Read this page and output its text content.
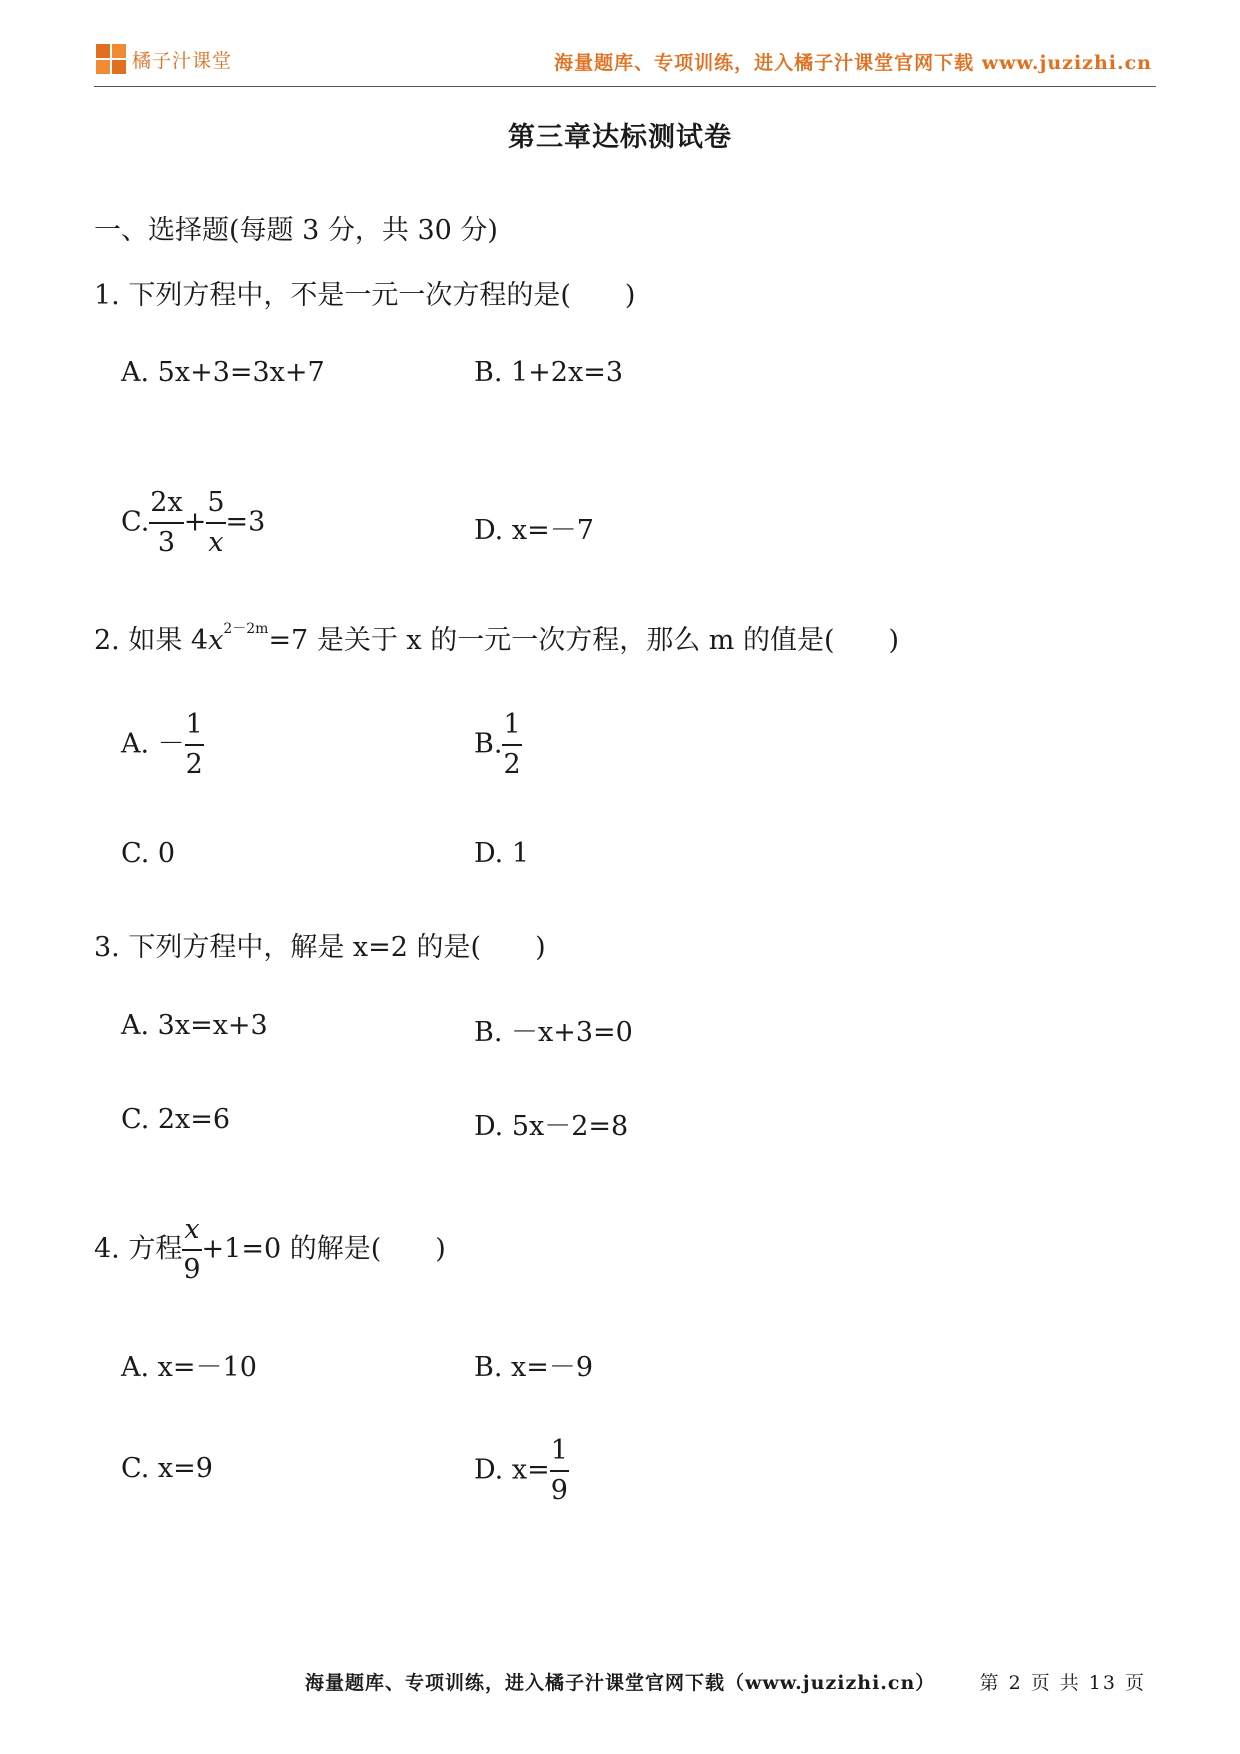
橘子汁课堂	海量题库、专项训练，进入橘子汁课堂官网下载 www.juzizhi.cn
第三章达标测试卷
一、选择题(每题 3 分，共 30 分)
1. 下列方程中，不是一元一次方程的是(　　)
A. 5x+3=3x+7	B. 1+2x=3
C. $\frac{2x}{3} + \frac{5}{x} =3$	D. x=－7
2. 如果 $4x^{2-2m}=7$ 是关于 x 的一元一次方程，那么 m 的值是(　　)
A. － $\frac{1}{2}$	B. $\frac{1}{2}$
C. 0	D. 1
3. 下列方程中，解是 x=2 的是(　　)
A. 3x=x+3	B. －x+3=0
C. 2x=6	D. 5x－2=8
4. 方程 $\frac{x}{9} +1=0$ 的解是(　　)
A. x=－10	B. x=－9
C. x=9	D. $x= \frac{1}{9}$
海量题库、专项训练，进入橘子汁课堂官网下载（www.juzizhi.cn） 第 2 页 共 13 页
